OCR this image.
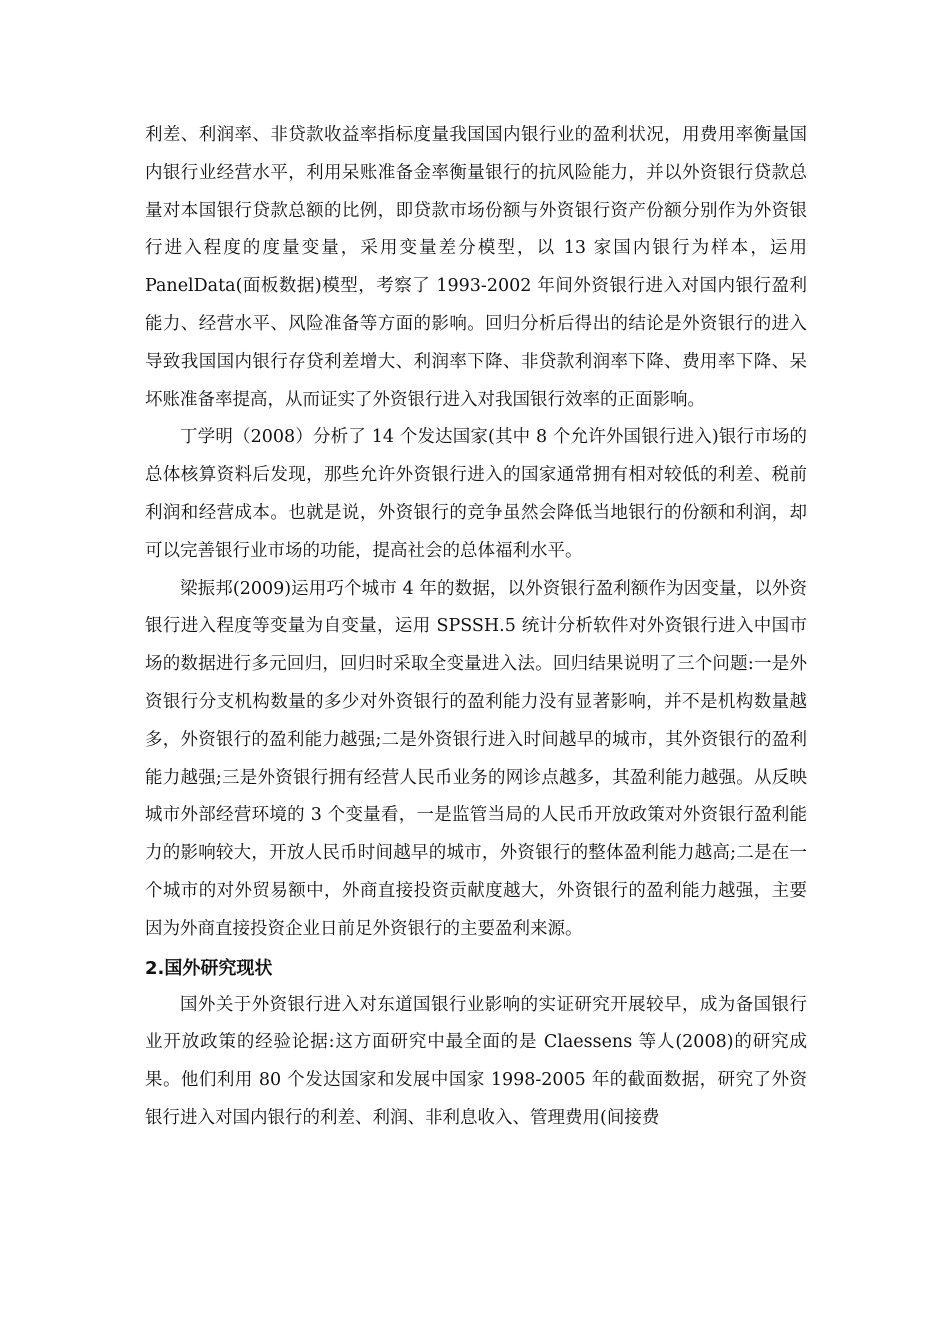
利差、利润率、非贷款收益率指标度量我国国内银行业的盈利状况，用费用率衡量国内银行业经营水平，利用呆账准备金率衡量银行的抗风险能力，并以外资银行贷款总量对本国银行贷款总额的比例，即贷款市场份额与外资银行资产份额分别作为外资银行进入程度的度量变量，采用变量差分模型，以 13 家国内银行为样本，运用 PanelData(面板数据)模型，考察了 1993-2002 年间外资银行进入对国内银行盈利能力、经营水平、风险准备等方面的影响。回归分析后得出的结论是外资银行的进入导致我国国内银行存贷利差增大、利润率下降、非贷款利润率下降、费用率下降、呆坏账准备率提高，从而证实了外资银行进入对我国银行效率的正面影响。

丁学明（2008）分析了 14 个发达国家(其中 8 个允许外国银行进入)银行市场的总体核算资料后发现，那些允许外资银行进入的国家通常拥有相对较低的利差、税前利润和经营成本。也就是说，外资银行的竞争虽然会降低当地银行的份额和利润，却可以完善银行业市场的功能，提高社会的总体福利水平。

梁振邦(2009)运用巧个城市 4 年的数据，以外资银行盈利额作为因变量，以外资银行进入程度等变量为自变量，运用 SPSSH.5 统计分析软件对外资银行进入中国市场的数据进行多元回归，回归时采取全变量进入法。回归结果说明了三个问题:一是外资银行分支机构数量的多少对外资银行的盈利能力没有显著影响，并不是机构数量越多，外资银行的盈利能力越强;二是外资银行进入时间越早的城市，其外资银行的盈利能力越强;三是外资银行拥有经营人民币业务的网诊点越多，其盈利能力越强。从反映城市外部经营环境的 3 个变量看，一是监管当局的人民币开放政策对外资银行盈利能力的影响较大，开放人民币时间越早的城市，外资银行的整体盈利能力越高;二是在一个城市的对外贸易额中，外商直接投资贡献度越大，外资银行的盈利能力越强，主要因为外商直接投资企业日前足外资银行的主要盈利来源。

2.国外研究现状

国外关于外资银行进入对东道国银行业影响的实证研究开展较早，成为备国银行业开放政策的经验论据:这方面研究中最全面的是 Claessens 等人(2008)的研究成果。他们利用 80 个发达国家和发展中国家 1998-2005 年的截面数据，研究了外资银行进入对国内银行的利差、利润、非利息收入、管理费用(间接费
